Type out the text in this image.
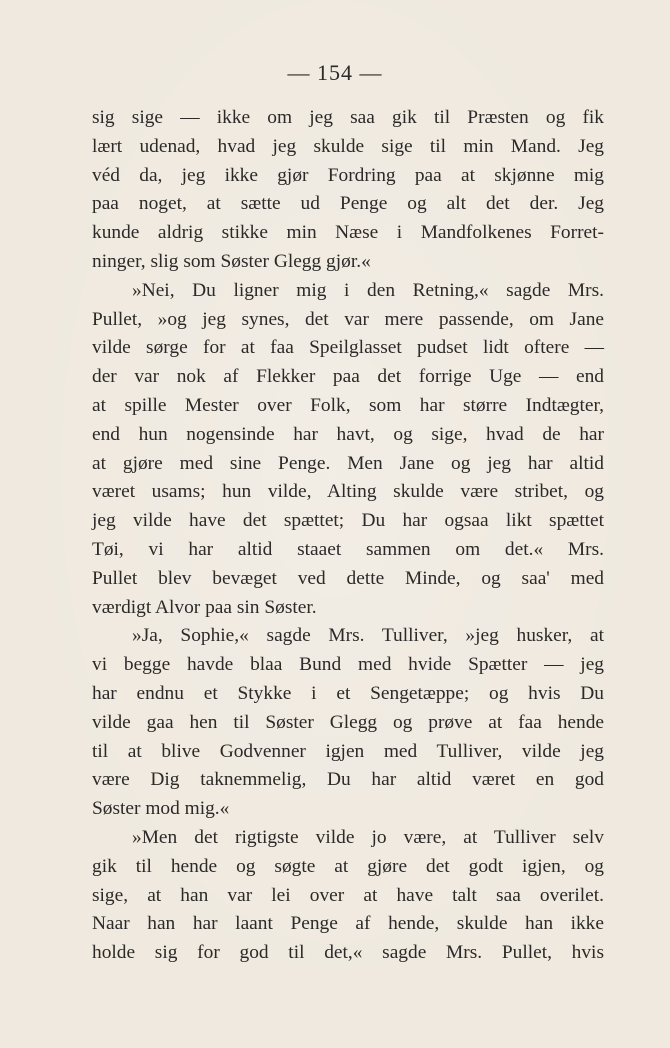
— 154 —
sig sige — ikke om jeg saa gik til Præsten og fik
lært udenad, hvad jeg skulde sige til min Mand. Jeg
véd da, jeg ikke gjør Fordring paa at skjønne mig
paa noget, at sætte ud Penge og alt det der. Jeg
kunde aldrig stikke min Næse i Mandfolkenes Forret-
ninger, slig som Søster Glegg gjør.«
»Nei, Du ligner mig i den Retning,« sagde Mrs.
Pullet, »og jeg synes, det var mere passende, om Jane
vilde sørge for at faa Speilglasset pudset lidt oftere —
der var nok af Flekker paa det forrige Uge — end
at spille Mester over Folk, som har større Indtægter,
end hun nogensinde har havt, og sige, hvad de har
at gjøre med sine Penge. Men Jane og jeg har altid
været usams; hun vilde, Alting skulde være stribet, og
jeg vilde have det spættet; Du har ogsaa likt spættet
Tøi, vi har altid staaet sammen om det.« Mrs.
Pullet blev bevæget ved dette Minde, og saa' med
værdigt Alvor paa sin Søster.
»Ja, Sophie,« sagde Mrs. Tulliver, »jeg husker, at
vi begge havde blaa Bund med hvide Spætter — jeg
har endnu et Stykke i et Sengetæppe; og hvis Du
vilde gaa hen til Søster Glegg og prøve at faa hende
til at blive Godvenner igjen med Tulliver, vilde jeg
være Dig taknemmelig, Du har altid været en god
Søster mod mig.«
»Men det rigtigste vilde jo være, at Tulliver selv
gik til hende og søgte at gjøre det godt igjen, og
sige, at han var lei over at have talt saa overilet.
Naar han har laant Penge af hende, skulde han ikke
holde sig for god til det,« sagde Mrs. Pullet, hvis
